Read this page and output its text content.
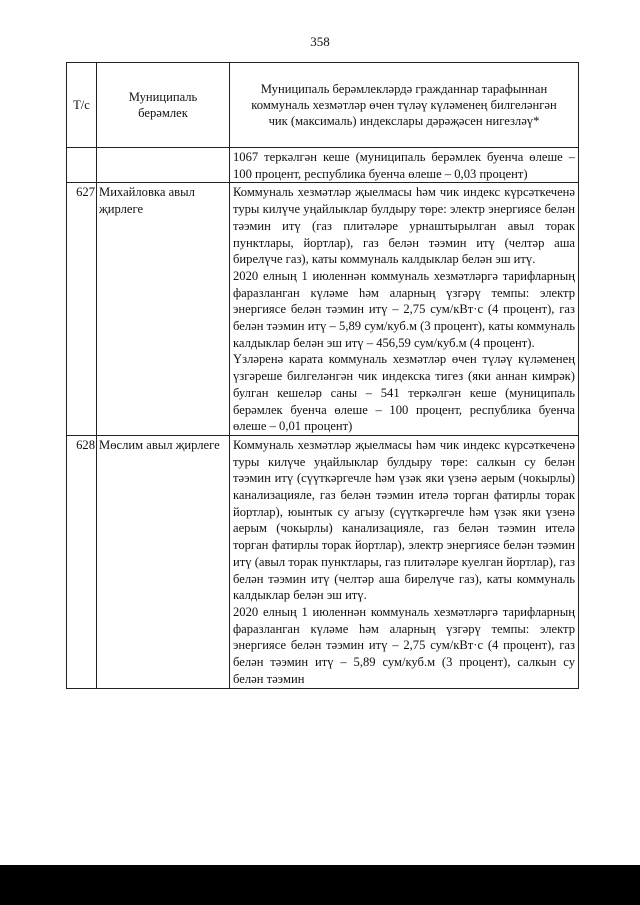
358
Т/с	Муниципаль берәмлек	Муниципаль берәмлекләрдә гражданнар тарафыннан коммуналь хезмәтләр өчен түләү күләменең билгеләнгән чик (максималь) индекслары дәрәҗәсен нигезләү*

		1067 теркәлгән кеше (муниципаль берәмлек буенча өлеше – 100 процент, республика буенча өлеше – 0,03 процент)

627	Михайловка авыл җирлеге	Коммуналь хезмәтләр җыелмасы һәм чик индекс күрсәткеченә туры килүче уңайлыклар булдыру төре: электр энергиясе белән тәэмин итү (газ плитәләре урнаштырылган авыл торак пунктлары, йортлар), газ белән тәэмин итү (челтәр аша бирелүче газ), каты коммуналь калдыклар белән эш итү.

2020 елның 1 июленнән коммуналь хезмәтләргә тарифларның фаразланган күләме һәм аларның үзгәрү темпы: электр энергиясе белән тәэмин итү – 2,75 сум/кВт·с (4 процент), газ белән тәэмин итү – 5,89 сум/куб.м (3 процент), каты коммуналь калдыклар белән эш итү – 456,59 сум/куб.м (4 процент).

Үзләренә карата коммуналь хезмәтләр өчен түләү күләменең үзгәреше билгеләнгән чик индекска тигез (яки аннан кимрәк) булган кешеләр саны – 541 теркәлгән кеше (муниципаль берәмлек буенча өлеше – 100 процент, республика буенча өлеше – 0,01 процент)

628	Мөслим авыл җирлеге	Коммуналь хезмәтләр җыелмасы һәм чик индекс күрсәткеченә туры килүче уңайлыклар булдыру төре: салкын су белән тәэмин итү (сүүткәргечле һәм үзәк яки үзенә аерым (чокырлы) канализацияле, газ белән тәэмин ителә торган фатирлы торак йортлар), юынтык су агызу (сүүткәргечле һәм үзәк яки үзенә аерым (чокырлы) канализацияле, газ белән тәэмин ителә торган фатирлы торак йортлар), электр энергиясе белән тәэмин итү (авыл торак пунктлары, газ плитәләре куелган йортлар), газ белән тәэмин итү (челтәр аша бирелүче газ), каты коммуналь калдыклар белән эш итү.

2020 елның 1 июленнән коммуналь хезмәтләргә тарифларның фаразланган күләме һәм аларның үзгәрү темпы: электр энергиясе белән тәэмин итү – 2,75 сум/кВт·с (4 процент), газ белән тәэмин итү – 5,89 сум/куб.м (3 процент), салкын су белән тәэмин
